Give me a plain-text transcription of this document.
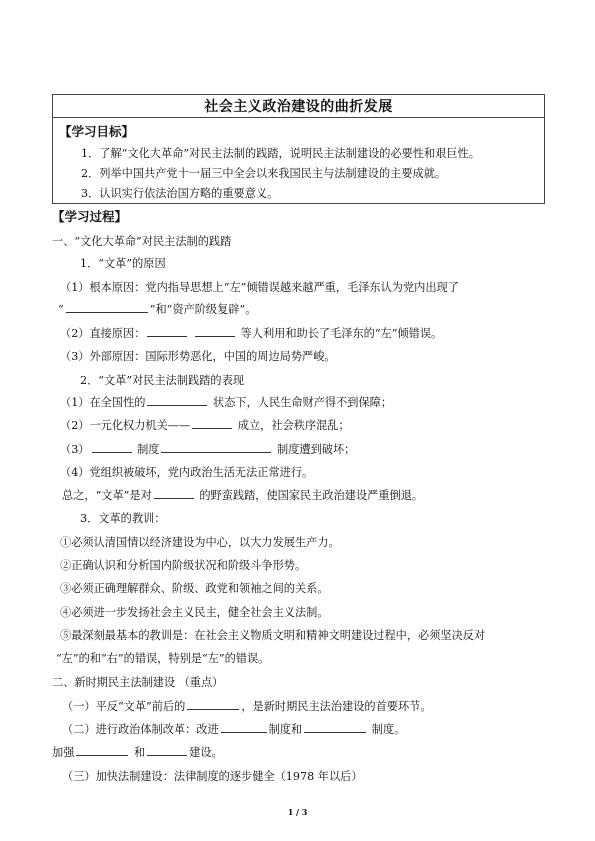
社会主义政治建设的曲折发展
【学习目标】
1．了解“文化大革命”对民主法制的践踏，说明民主法制建设的必要性和艰巨性。
2．列举中国共产党十一届三中全会以来我国民主与法制建设的主要成就。
3．认识实行依法治国方略的重要意义。
【学习过程】
一、“文化大革命”对民主法制的践踏
1．“文革”的原因
（1）根本原因：党内指导思想上“左”倾错误越来越严重，毛泽东认为党内出现了
“	”和“资产阶级复辟”。
（2）直接原因：	等人利用和助长了毛泽东的“左”倾错误。
（3）外部原因：国际形势恶化，中国的周边局势严峻。
2．“文革”对民主法制践踏的表现
（1）在全国性的	状态下，人民生命财产得不到保障；
（2）一元化权力机关——	成立，社会秩序混乱；
（3）	制度	制度遭到破坏；
（4）党组织被破坏，党内政治生活无法正常进行。
总之，“文革”是对	的野蛮践踏，使国家民主政治建设严重倒退。
3．文革的教训：
①必须认清国情以经济建设为中心，以大力发展生产力。
②正确认识和分析国内阶级状况和阶级斗争形势。
③必须正确理解群众、阶级、政党和领袖之间的关系。
④必须进一步发扬社会主义民主，健全社会主义法制。
⑤最深刻最基本的教训是：在社会主义物质文明和精神文明建设过程中，必须坚决反对
“左”的和“右”的错误，特别是“左”的错误。
二、新时期民主法制建设 （重点）
（一）平反“文革”前后的	，是新时期民主法治建设的首要环节。
（二）进行政治体制改革：改进	制度和	制度。
加强	和	建设。
（三）加快法制建设：法律制度的逐步健全（1978 年以后）
1 / 3
